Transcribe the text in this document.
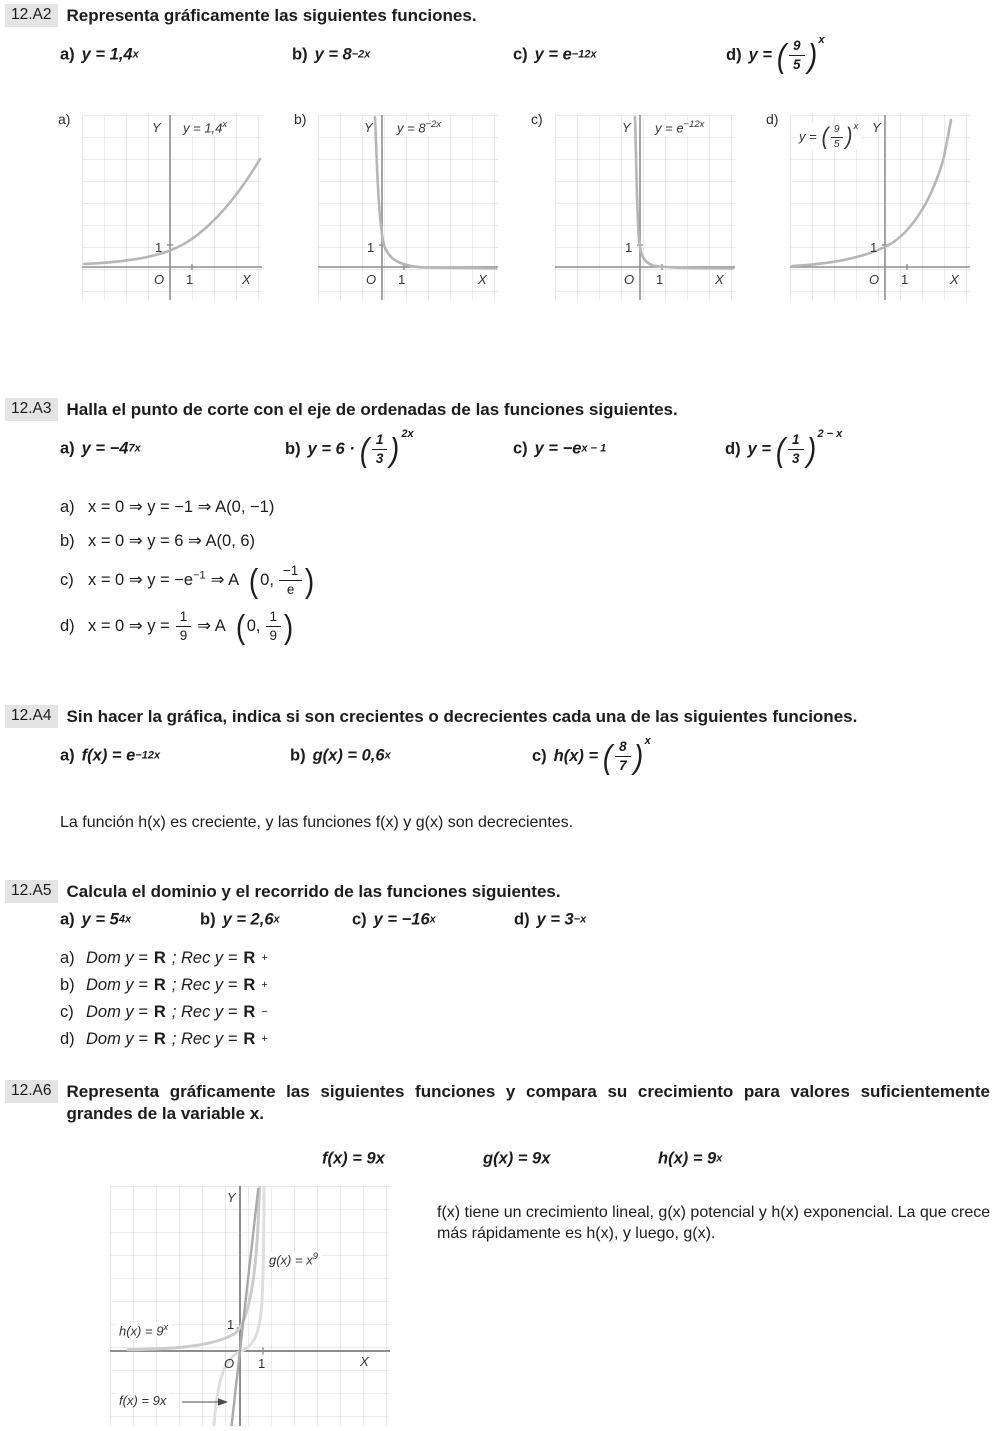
12.A2 Representa gráficamente las siguientes funciones.
a) y = 1,4 x	b) y = 8 −2x	c) y = e −12x	d) y = ( $\frac{9}{5} )^x$
a)
Y $y = 1,4^x$
1
O 1	X
b)
Y $y = 8^{-2x}$
1
O 1	X
c)
Y $y = e^{-12x}$
1
O 1	X
d)
y = ( $\frac{9}{5} )^x$ Y
1
O 1	X
12.A3 Halla el punto de corte con el eje de ordenadas de las funciones siguientes.
a) y = −4 7x	b) y = 6 · ( $\frac{1}{3} )^{2x}$
c) y = −e x − 1	d) y = ( $\frac{1}{3} )^{2 - x}$
a) x = 0 ⇒ y = −1 ⇒ A(0, −1)
b) x = 0 ⇒ y = 6 ⇒ A(0, 6)
c) x = 0 ⇒ $y = -e^{-1}$ ⇒ A ( 0, $\frac{-1}{e}$ )
d) x = 0 ⇒ $y = \frac{1}{9}$ ⇒ A ( 0, $\frac{1}{9}$ )
12.A4 Sin hacer la gráfica, indica si son crecientes o decrecientes cada una de las siguientes funciones.
a) f(x) = e −12x	b) g(x) = 0,6 x	c) h(x) = ( $\frac{8}{7} )^x$
La función h(x) es creciente, y las funciones f(x) y g(x) son decrecientes.
12.A5 Calcula el dominio y el recorrido de las funciones siguientes.
a) y = 5 4x	b) y = 2,6 x	c) y = −16 x	d) y = 3 −x
a) Dom y = R ; Rec y = R +
b) Dom y = R ; Rec y = R +
c) Dom y = R ; Rec y = R −
d) Dom y = R ; Rec y = R +
12.A6 Representa gráficamente las siguientes funciones y compara su crecimiento para valores suficientemente grandes de la variable x.
f(x) = 9x	g(x) = 9x	h(x) = 9 x
Y
$g(x) = x^9$
1
$h(x) = 9^x$
O 1	X
f(x) = 9x
f(x) tiene un crecimiento lineal, g(x) potencial y h(x) exponencial. La que crece más rápidamente es h(x), y luego, g(x).
